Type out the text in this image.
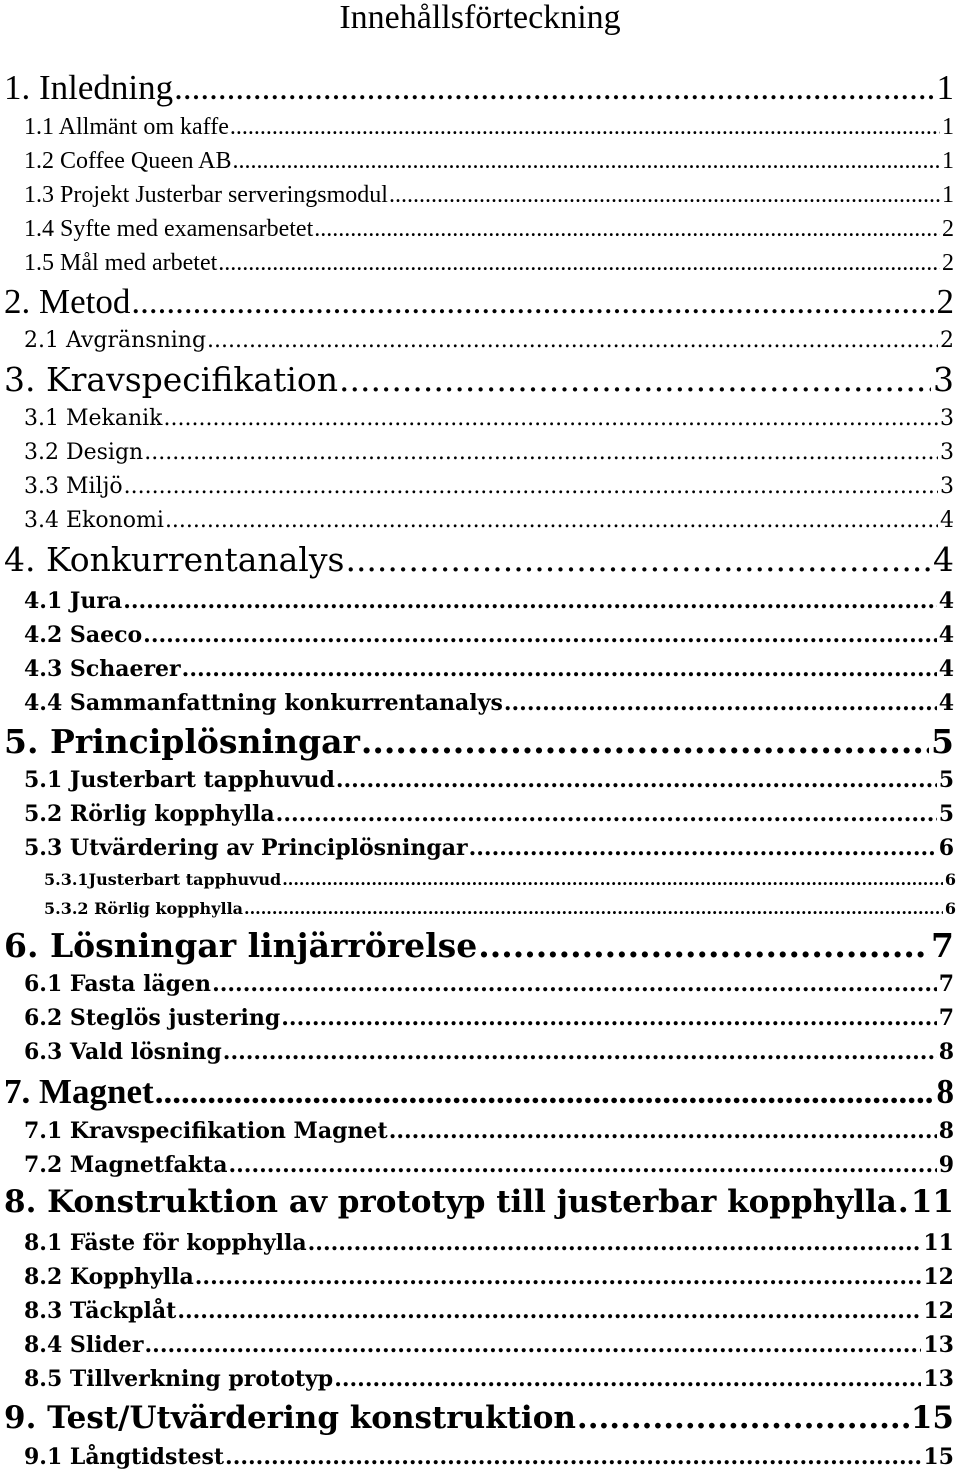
Innehållsförteckning
1. Inledning .....	1
1.1 Allmänt om kaffe .....	1
1.2 Coffee Queen AB .....	1
1.3 Projekt Justerbar serveringsmodul .....	1
1.4 Syfte med examensarbetet .....	2
1.5 Mål med arbetet .....	2
2. Metod .....	2
2.1 Avgränsning .....	2
3. Kravspecifikation .....	3
3.1 Mekanik .....	3
3.2 Design .....	3
3.3 Miljö .....	3
3.4 Ekonomi .....	4
4. Konkurrentanalys .....	4
4.1 Jura .....	4
4.2 Saeco .....	4
4.3 Schaerer .....	4
4.4 Sammanfattning konkurrentanalys .....	4
5. Principlösningar .....	5
5.1 Justerbart tapphuvud .....	5
5.2 Rörlig kopphylla .....	5
5.3 Utvärdering av Principlösningar .....	6
5.3.1Justerbart tapphuvud .....	6
5.3.2 Rörlig kopphylla .....	6
6. Lösningar linjärrörelse .....	7
6.1 Fasta lägen .....	7
6.2 Steglös justering .....	7
6.3 Vald lösning .....	8
7. Magnet .....	8
7.1 Kravspecifikation Magnet .....	8
7.2 Magnetfakta .....	9
8. Konstruktion av prototyp till justerbar kopphylla ..... 11
8.1 Fäste för kopphylla .....	11
8.2 Kopphylla .....	12
8.3 Täckplåt .....	12
8.4 Slider .....	13
8.5 Tillverkning prototyp .....	13
9. Test/Utvärdering konstruktion .....	15
9.1 Långtidstest .....	15
